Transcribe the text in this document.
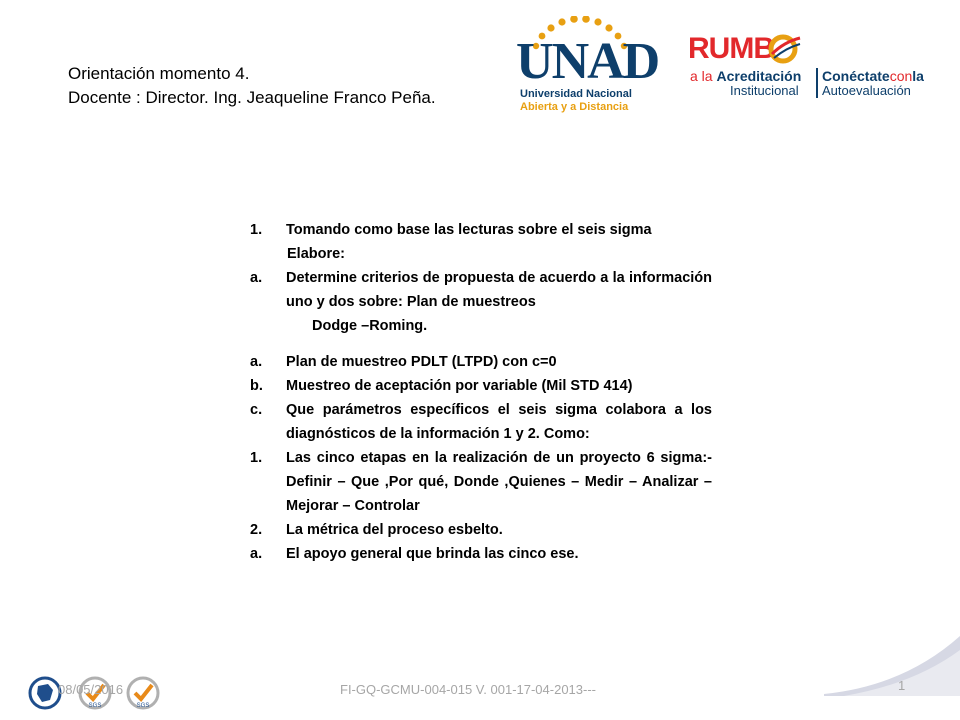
Orientación momento 4.
Docente : Director. Ing. Jeaqueline Franco Peña.
UNAD
Universidad Nacional
Abierta y a Distancia
RUMB
a la Acreditación
Institucional
Conéctateconla
Autoevaluación
1. Tomando como base las lecturas sobre el seis sigma
Elabore:
a. Determine criterios de propuesta de acuerdo a la información uno y dos sobre: Plan de muestreos
Dodge –Roming.
a. Plan de muestreo PDLT (LTPD) con c=0
b. Muestreo de aceptación por variable (Mil STD 414)
c. Que parámetros específicos el seis sigma colabora a los diagnósticos de la información 1 y 2. Como:
1. Las cinco etapas en la realización de un proyecto 6 sigma:- Definir – Que ,Por qué, Donde ,Quienes – Medir – Analizar –Mejorar – Controlar
2. La métrica del proceso esbelto.
a. El apoyo general que brinda las cinco ese.
SGS	SGS
08/05/2016	FI-GQ-GCMU-004-015 V. 001-17-04-2013---	1
